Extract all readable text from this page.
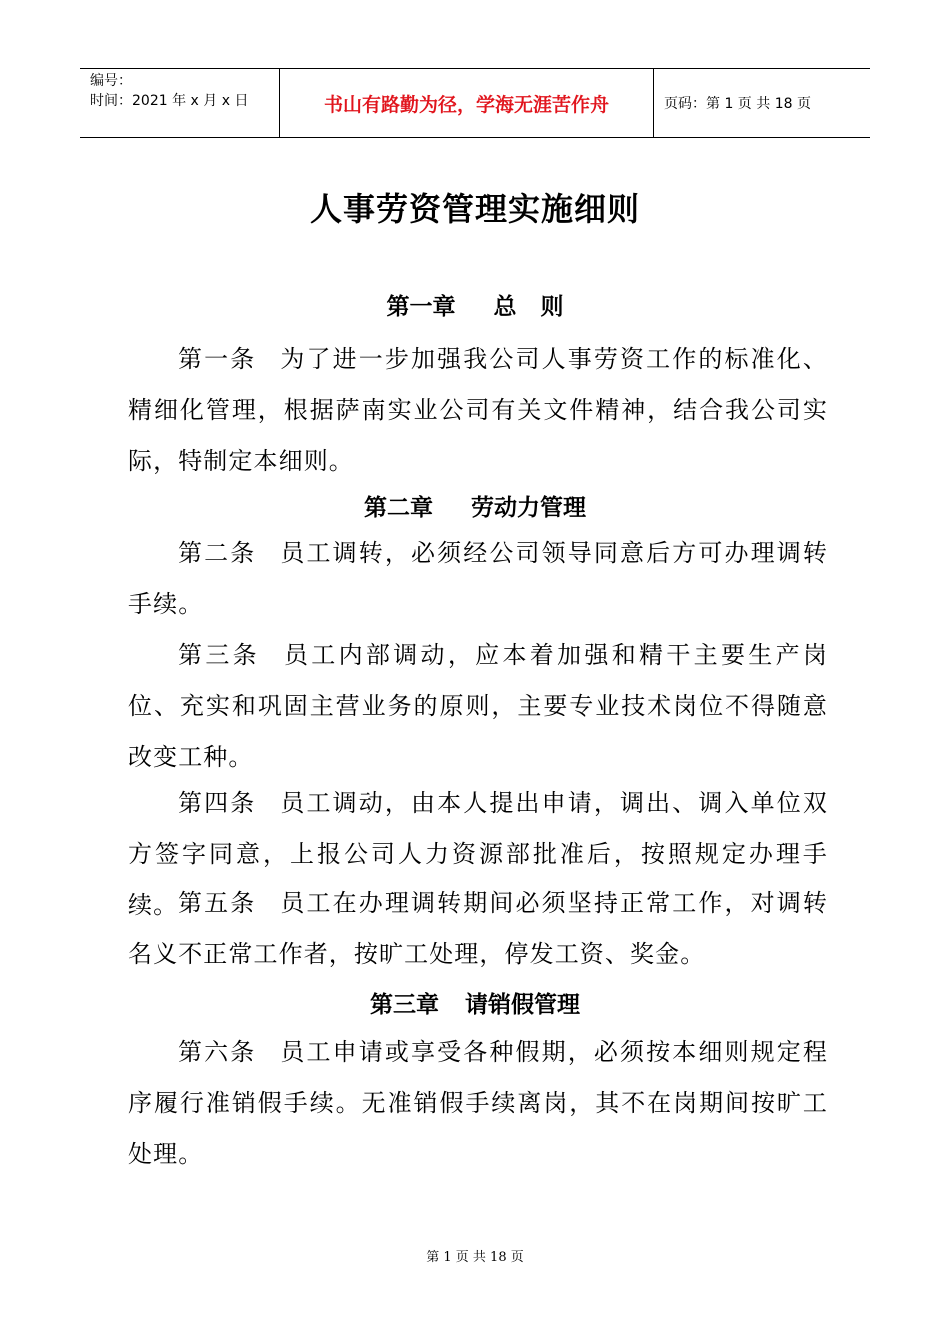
编号：
时间：2021 年 x 月 x 日	书山有路勤为径，学海无涯苦作舟	页码：第 1 页 共 18 页
人事劳资管理实施细则
第一章 总   则

第一条 为了进一步加强我公司人事劳资工作的标准化、精细化管理，根据萨南实业公司有关文件精神，结合我公司实际，特制定本细则。

第二章 劳动力管理

第二条 员工调转，必须经公司领导同意后方可办理调转手续。

第三条 员工内部调动，应本着加强和精干主要生产岗位、充实和巩固主营业务的原则，主要专业技术岗位不得随意改变工种。

第四条 员工调动，由本人提出申请，调出、调入单位双方签字同意，上报公司人力资源部批准后，按照规定办理手续。 第五条 员工在办理调转期间必须坚持正常工作，对调转名义不正常工作者，按旷工处理，停发工资、奖金。

第三章 请销假管理

第六条 员工申请或享受各种假期，必须按本细则规定程序履行准销假手续。无准销假手续离岗，其不在岗期间按旷工处理。

第 1 页 共 18 页
